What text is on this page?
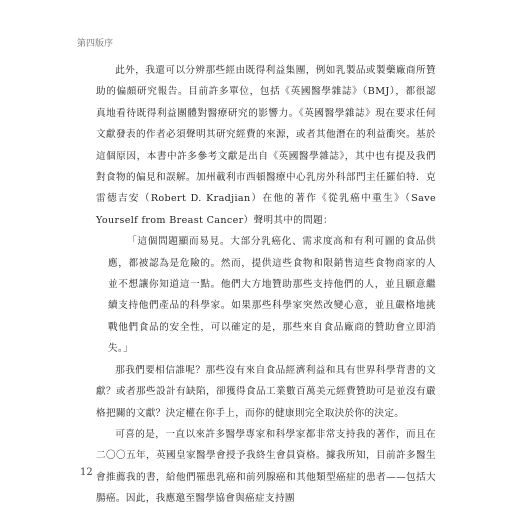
第四版序

此外，我還可以分辨那些經由既得利益集團，例如乳製品或製藥廠商所贊助的偏頗研究報告。目前許多單位，包括《英國醫學雜誌》（BMJ），都很認真地看待既得利益團體對醫療研究的影響力。《英國醫學雜誌》現在要求任何文獻發表的作者必須聲明其研究經費的來源，或者其他潛在的利益衝突。基於這個原因，本書中許多參考文獻是出自《英國醫學雜誌》，其中也有提及我們對食物的偏見和誤解。加州載利市西頓醫療中心乳房外科部門主任羅伯特．克雷德吉安（Robert D. Kradjian）在他的著作《從乳癌中重生》（Save Yourself from Breast Cancer）聲明其中的問題：

「這個問題顯而易見。大部分乳癌化、需求度高和有利可圖的食品供應，都被認為是危險的。然而，提供這些食物和限銷售這些食物商家的人並不想讓你知道這一點。他們大方地贊助那些支持他們的人，並且願意繼續支持他們產品的科學家。如果那些科學家突然改變心意，並且嚴格地挑戰他們食品的安全性，可以確定的是，那些來自食品廠商的贊助會立即消失。」

那我們要相信誰呢？那些沒有來自食品經濟利益和具有世界科學背書的文獻？或者那些設計有缺陷，卻獲得食品工業數百萬美元經費贊助可是並沒有嚴格把關的文獻？決定權在你手上，而你的健康則完全取決於你的決定。

可喜的是，一直以來許多醫學專家和科學家都非常支持我的著作，而且在二〇〇五年，英國皇家醫學會授予我終生會員資格。據我所知，目前許多醫生會推薦我的書，給他們罹患乳癌和前列腺癌和其他類型癌症的患者——包括大腸癌。因此，我應邀至醫學協會與癌症支持團

12
